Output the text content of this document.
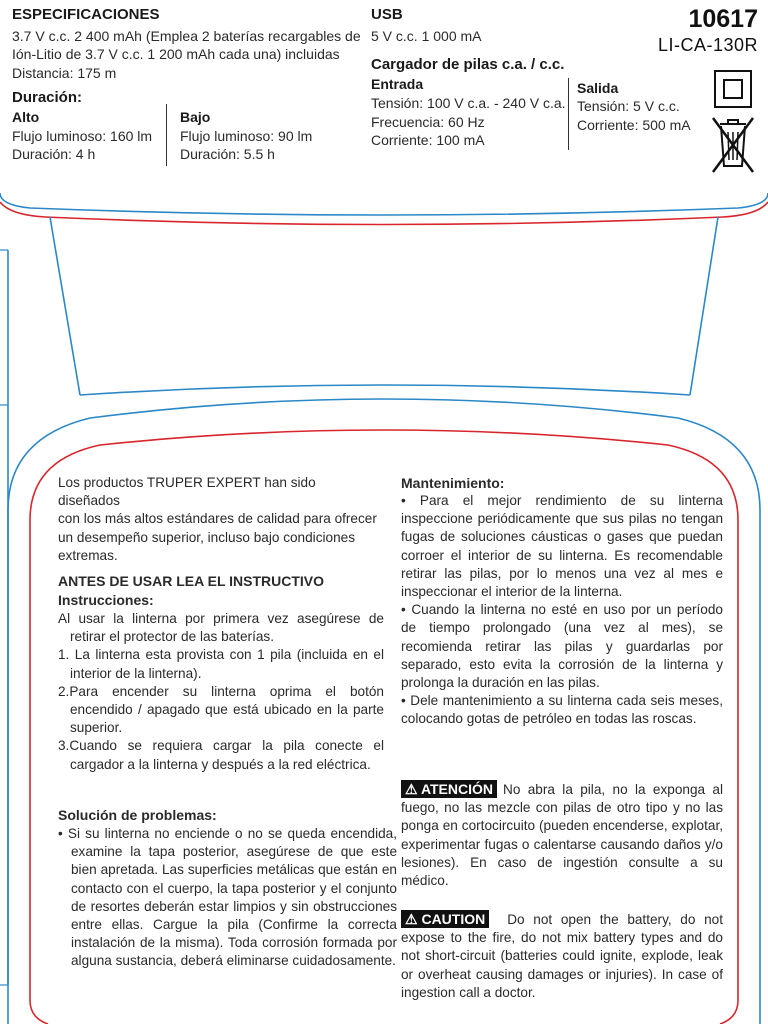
ESPECIFICACIONES
3.7 V c.c. 2 400 mAh (Emplea 2 baterías recargables de
Ión-Litio de 3.7 V c.c. 1 200 mAh cada una) incluidas
Distancia: 175 m
Duración:
Alto
Flujo luminoso: 160 lm
Duración: 4 h
Bajo
Flujo luminoso: 90 lm
Duración: 5.5 h
USB
5 V c.c. 1 000 mA
Cargador de pilas c.a. / c.c.
Entrada
Tensión: 100 V c.a. - 240 V c.a.
Frecuencia: 60 Hz
Corriente: 100 mA
Salida
Tensión: 5 V c.c.
Corriente: 500 mA
10617
LI-CA-130R

Los productos TRUPER EXPERT han sido diseñados

con los más altos estándares de calidad para ofrecer

un desempeño superior, incluso bajo condiciones

extremas.

ANTES DE USAR LEA EL INSTRUCTIVO
Instrucciones:

Al usar la linterna por primera vez asegúrese de retirar el protector de las baterías.

1. La linterna esta provista con 1 pila (incluida en el interior de la linterna).

2.Para encender su linterna oprima el botón encendido / apagado que está ubicado en la parte superior.

3.Cuando se requiera cargar la pila conecte el cargador a la linterna y después a la red eléctrica.

Solución de problemas:
• Si su linterna no enciende o no se queda encendida, examine la tapa posterior, asegúrese de que este bien apretada. Las superficies metálicas que están en contacto con el cuerpo, la tapa posterior y el conjunto de resortes deberán estar limpios y sin obstrucciones entre ellas. Cargue la pila (Confirme la correcta instalación de la misma). Toda corrosión formada por alguna sustancia, deberá eliminarse cuidadosamente.
Mantenimiento:

• Para el mejor rendimiento de su linterna inspeccione periódicamente que sus pilas no tengan fugas de soluciones cáusticas o gases que puedan corroer el interior de su linterna. Es recomendable retirar las pilas, por lo menos una vez al mes e inspeccionar el interior de la linterna.

• Cuando la linterna no esté en uso por un período de tiempo prolongado (una vez al mes), se recomienda retirar las pilas y guardarlas por separado, esto evita la corrosión de la linterna y prolonga la duración en las pilas.

• Dele mantenimiento a su linterna cada seis meses, colocando gotas de petróleo en todas las roscas.

⚠ ATENCIÓN No abra la pila, no la exponga al fuego, no las mezcle con pilas de otro tipo y no las ponga en cortocircuito (pueden encenderse, explotar, experimentar fugas o calentarse causando daños y/o lesiones). En caso de ingestión consulte a su médico.
⚠ CAUTION Do not open the battery, do not expose to the fire, do not mix battery types and do not short-circuit (batteries could ignite, explode, leak or overheat causing damages or injuries). In case of ingestion call a doctor.
